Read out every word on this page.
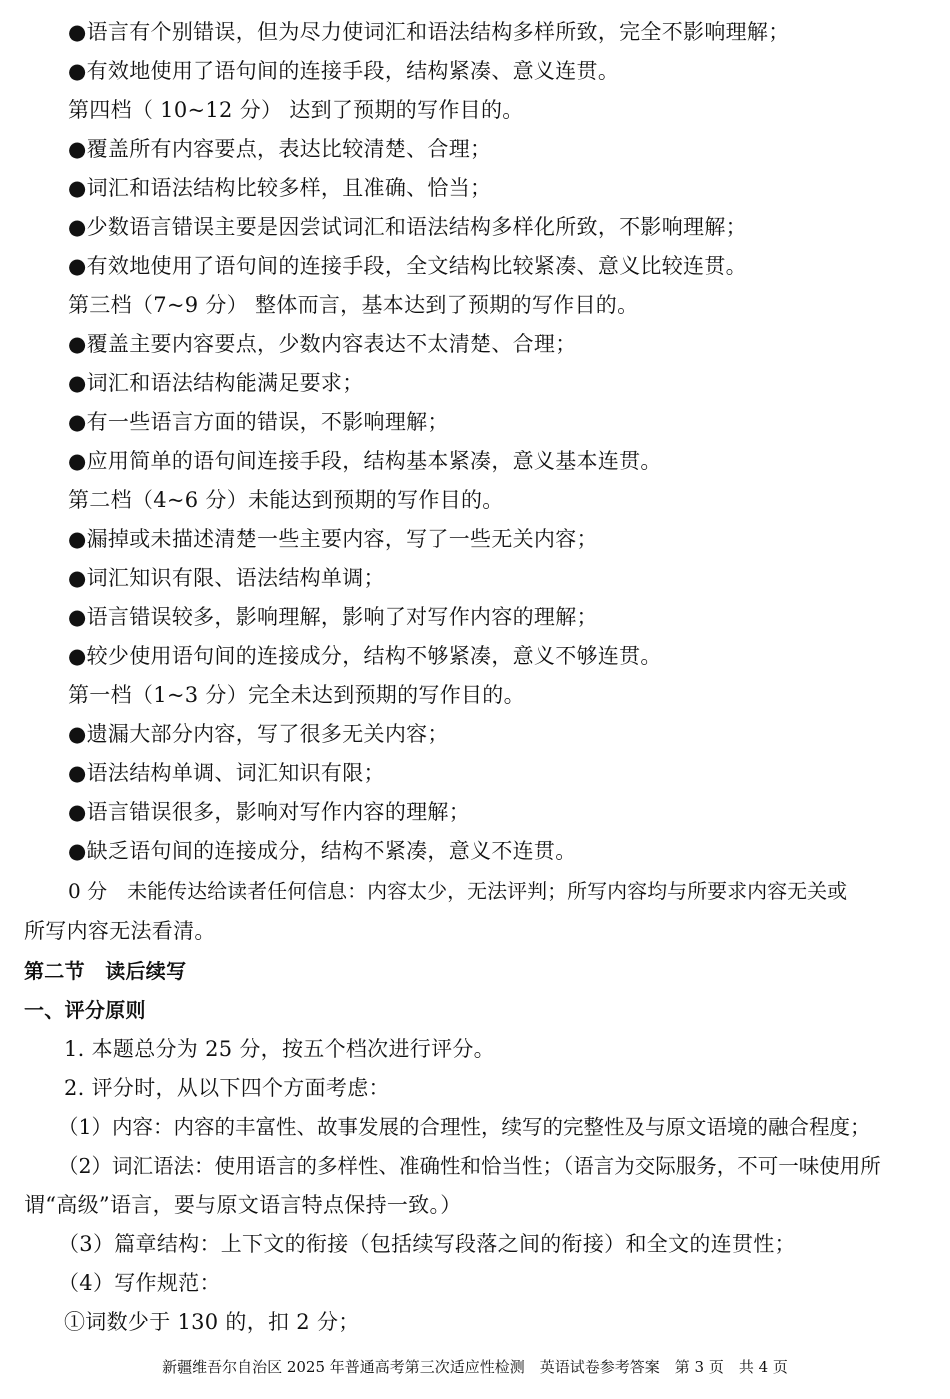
●语言有个别错误，但为尽力使词汇和语法结构多样所致，完全不影响理解；
●有效地使用了语句间的连接手段，结构紧凑、意义连贯。
第四档（ 10~12 分） 达到了预期的写作目的。
●覆盖所有内容要点，表达比较清楚、合理；
●词汇和语法结构比较多样，且准确、恰当；
●少数语言错误主要是因尝试词汇和语法结构多样化所致，不影响理解；
●有效地使用了语句间的连接手段，全文结构比较紧凑、意义比较连贯。
第三档（7~9 分） 整体而言，基本达到了预期的写作目的。
●覆盖主要内容要点，少数内容表达不太清楚、合理；
●词汇和语法结构能满足要求；
●有一些语言方面的错误，不影响理解；
●应用简单的语句间连接手段，结构基本紧凑，意义基本连贯。
第二档（4~6 分）未能达到预期的写作目的。
●漏掉或未描述清楚一些主要内容，写了一些无关内容；
●词汇知识有限、语法结构单调；
●语言错误较多，影响理解，影响了对写作内容的理解；
●较少使用语句间的连接成分，结构不够紧凑，意义不够连贯。
第一档（1~3 分）完全未达到预期的写作目的。
●遗漏大部分内容，写了很多无关内容；
●语法结构单调、词汇知识有限；
●语言错误很多，影响对写作内容的理解；
●缺乏语句间的连接成分，结构不紧凑，意义不连贯。
0 分　未能传达给读者任何信息：内容太少，无法评判；所写内容均与所要求内容无关或
所写内容无法看清。
第二节　读后续写
一、评分原则
1. 本题总分为 25 分，按五个档次进行评分。
2. 评分时，从以下四个方面考虑：
（1）内容：内容的丰富性、故事发展的合理性，续写的完整性及与原文语境的融合程度；
（2）词汇语法：使用语言的多样性、准确性和恰当性；（语言为交际服务，不可一味使用所
谓“高级”语言，要与原文语言特点保持一致。）
（3）篇章结构：上下文的衔接（包括续写段落之间的衔接）和全文的连贯性；
（4）写作规范：
①词数少于 130 的，扣 2 分；
新疆维吾尔自治区 2025 年普通高考第三次适应性检测　英语试卷参考答案　第 3 页　共 4 页
